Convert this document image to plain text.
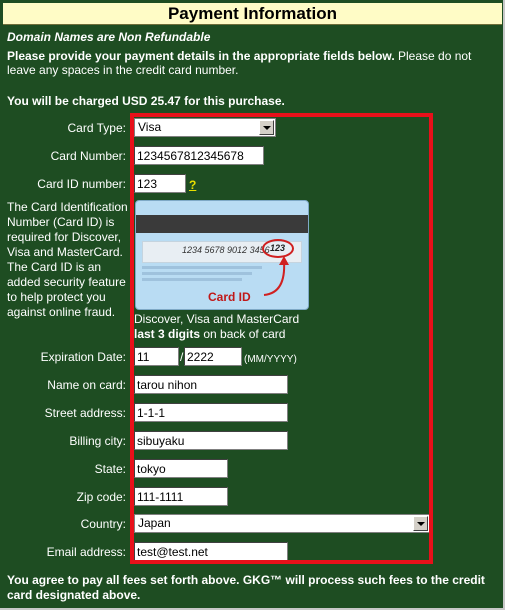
Payment Information
Domain Names are Non Refundable
Please provide your payment details in the appropriate fields below. Please do not leave any spaces in the credit card number.
You will be charged USD 25.47 for this purchase.
Card Type:	Visa
Card Number: 1234567812345678
Card ID number: 123	?
The Card Identification Number (Card ID) is required for Discover, Visa and MasterCard. The Card ID is an added security feature to help protect you against online fraud.
1234 5678 9012 3456 123
Card ID
Discover, Visa and MasterCard
last 3 digits on back of card
Expiration Date: 11	/ 2222	(MM/YYYY)
Name on card: tarou nihon
Street address: 1-1-1
Billing city: sibuyaku
State: tokyo
Zip code: 111-1111
Country:	Japan
Email address: test@test.net
You agree to pay all fees set forth above. GKG™ will process such fees to the credit card designated above.
